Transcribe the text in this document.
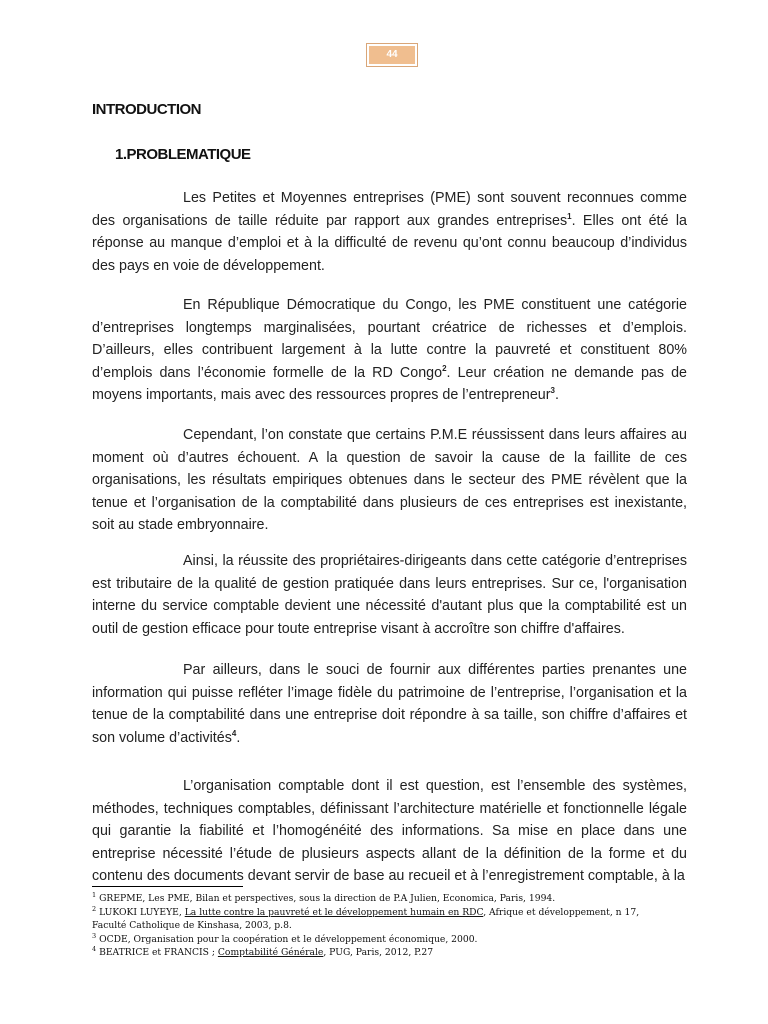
44
INTRODUCTION
1.PROBLEMATIQUE

Les Petites et Moyennes entreprises (PME) sont souvent reconnues comme des organisations de taille réduite par rapport aux grandes entreprises$^1$. Elles ont été la réponse au manque d’emploi et à la difficulté de revenu qu’ont connu beaucoup d’individus des pays en voie de développement.

En République Démocratique du Congo, les PME constituent une catégorie d’entreprises longtemps marginalisées, pourtant créatrice de richesses et d’emplois. D’ailleurs, elles contribuent largement à la lutte contre la pauvreté et constituent 80% d’emplois dans l’économie formelle de la RD Congo$^2$. Leur création ne demande pas de moyens importants, mais avec des ressources propres de l’entrepreneur$^3$.

Cependant, l’on constate que certains P.M.E réussissent dans leurs affaires au moment où d’autres échouent. A la question de savoir la cause de la faillite de ces organisations, les résultats empiriques obtenues dans le secteur des PME révèlent que la tenue et l’organisation de la comptabilité dans plusieurs de ces entreprises est inexistante, soit au stade embryonnaire.

Ainsi, la réussite des propriétaires-dirigeants dans cette catégorie d’entreprises est tributaire de la qualité de gestion pratiquée dans leurs entreprises. Sur ce, l'organisation interne du service comptable devient une nécessité d'autant plus que la comptabilité est un outil de gestion efficace pour toute entreprise visant à accroître son chiffre d'affaires.

Par ailleurs, dans le souci de fournir aux différentes parties prenantes une information qui puisse refléter l’image fidèle du patrimoine de l’entreprise, l’organisation et la tenue de la comptabilité dans une entreprise doit répondre à sa taille, son chiffre d’affaires et son volume d’activités$^4$.

L’organisation comptable dont il est question, est l’ensemble des systèmes, méthodes, techniques comptables, définissant l’architecture matérielle et fonctionnelle légale qui garantie la fiabilité et l’homogénéité des informations. Sa mise en place dans une entreprise nécessité l’étude de plusieurs aspects allant de la définition de la forme et du contenu des documents devant servir de base au recueil et à l’enregistrement comptable, à la

$^1$ GREPME, Les PME, Bilan et perspectives, sous la direction de P.A Julien, Economica, Paris, 1994.

$^2$ LUKOKI LUYEYE, La lutte contre la pauvreté et le développement humain en RDC, Afrique et développement, n 17,

Faculté Catholique de Kinshasa, 2003, p.8.

$^3$ OCDE, Organisation pour la coopération et le développement économique, 2000.

$^4$ BEATRICE et FRANCIS ; Comptabilité Générale, PUG, Paris, 2012, P.27
